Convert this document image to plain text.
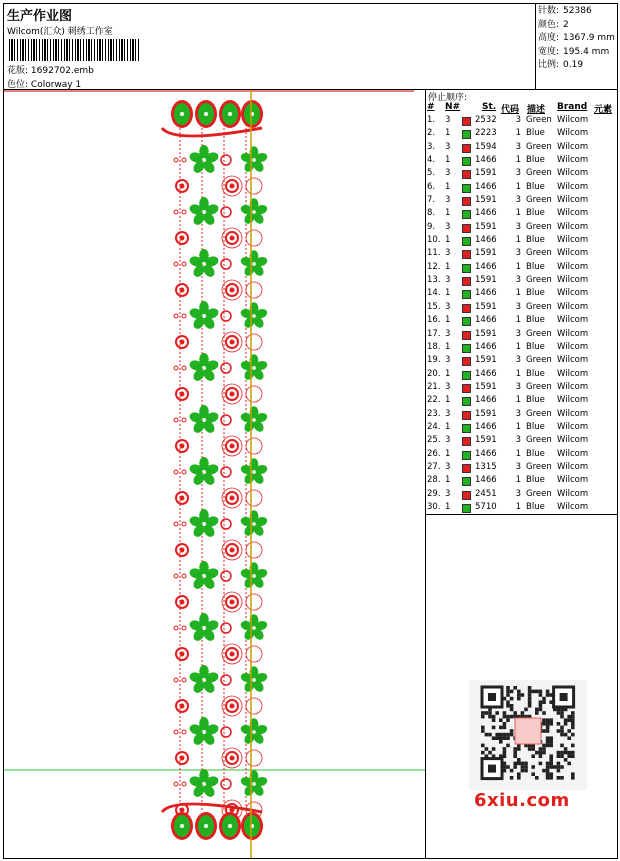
生产作业图
Wilcom(汇众) 刺绣工作室
花版: 1692702.emb
色位: Colorway 1
针数: 52386
颜色: 2
高度: 1367.9 mm
宽度: 195.4 mm
比例: 0.19
停止顺序:
# N# St. 代码 描述 Brand 元素
1. 3	2532	3 Green Wilcom
2. 1	2223	1 Blue Wilcom
3. 3	1594	3 Green Wilcom
4. 1	1466	1 Blue Wilcom
5. 3	1591	3 Green Wilcom
6. 1	1466	1 Blue Wilcom
7. 3	1591	3 Green Wilcom
8. 1	1466	1 Blue Wilcom
9. 3	1591	3 Green Wilcom
10. 1	1466	1 Blue Wilcom
11. 3	1591	3 Green Wilcom
12. 1	1466	1 Blue Wilcom
13. 3	1591	3 Green Wilcom
14. 1	1466	1 Blue Wilcom
15. 3	1591	3 Green Wilcom
16. 1	1466	1 Blue Wilcom
17. 3	1591	3 Green Wilcom
18. 1	1466	1 Blue Wilcom
19. 3	1591	3 Green Wilcom
20. 1	1466	1 Blue Wilcom
21. 3	1591	3 Green Wilcom
22. 1	1466	1 Blue Wilcom
23. 3	1591	3 Green Wilcom
24. 1	1466	1 Blue Wilcom
25. 3	1591	3 Green Wilcom
26. 1	1466	1 Blue Wilcom
27. 3	1315	3 Green Wilcom
28. 1	1466	1 Blue Wilcom
29. 3	2451	3 Green Wilcom
30. 1	5710	1 Blue Wilcom
6xiu.com
